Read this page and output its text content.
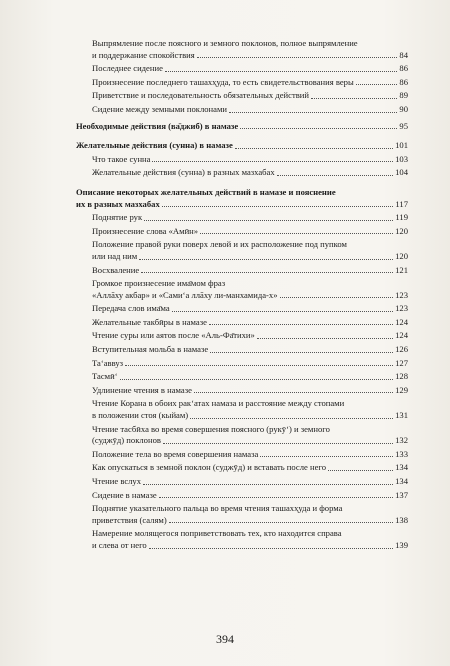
Выпрямление после поясного и земного поклонов, полное выпрямление
и поддержание спокойствия	84
Последнее сидение	86
Произнесение последнего ташахҳуда, то есть свидетельствования веры	86
Приветствие и последовательность обязательных действий	89
Сидение между земными поклонами	90
Необходимые действия (ва̄джиб) в намазе	95
Желательные действия (сунна) в намазе	101
Что такое сунна	103
Желательные действия (сунна) в разных мазхабах	104
Описание некоторых желательных действий в намазе и пояснение
их в разных мазхабах	117
Поднятие рук	119
Произнесение слова «Амӣн»	120
Положение правой руки поверх левой и их расположение под пупком
или над ним	120
Восхваление	121
Громкое произнесение има̄мом фраз
«Аллāху акбар» и «Сами‘а ллāху ли-манхамида-х»	123
Передача слов има̄ма	123
Желательные такбӣры в намазе	124
Чтение суры или аятов после «Аль-Фа̄тихи»	124
Вступительная мольба в намазе	126
Та‘аввуз	127
Тасмӣ‘	128
Удлинение чтения в намазе	129
Чтение Корана в обоих рак‘атах намаза и расстояние между стопами
в положении стоя (кыйам)	131
Чтение тасбӣха во время совершения поясного (рукӯ‘) и земного
(суджӯд) поклонов	132
Положение тела во время совершения намаза	133
Как опускаться в земной поклон (суджӯд) и вставать после него	134
Чтение вслух	134
Сидение в намазе	137
Поднятие указательного пальца во время чтения ташахҳуда и форма
приветствия (салям)	138
Намерение молящегося поприветствовать тех, кто находится справа
и слева от него	139
394
